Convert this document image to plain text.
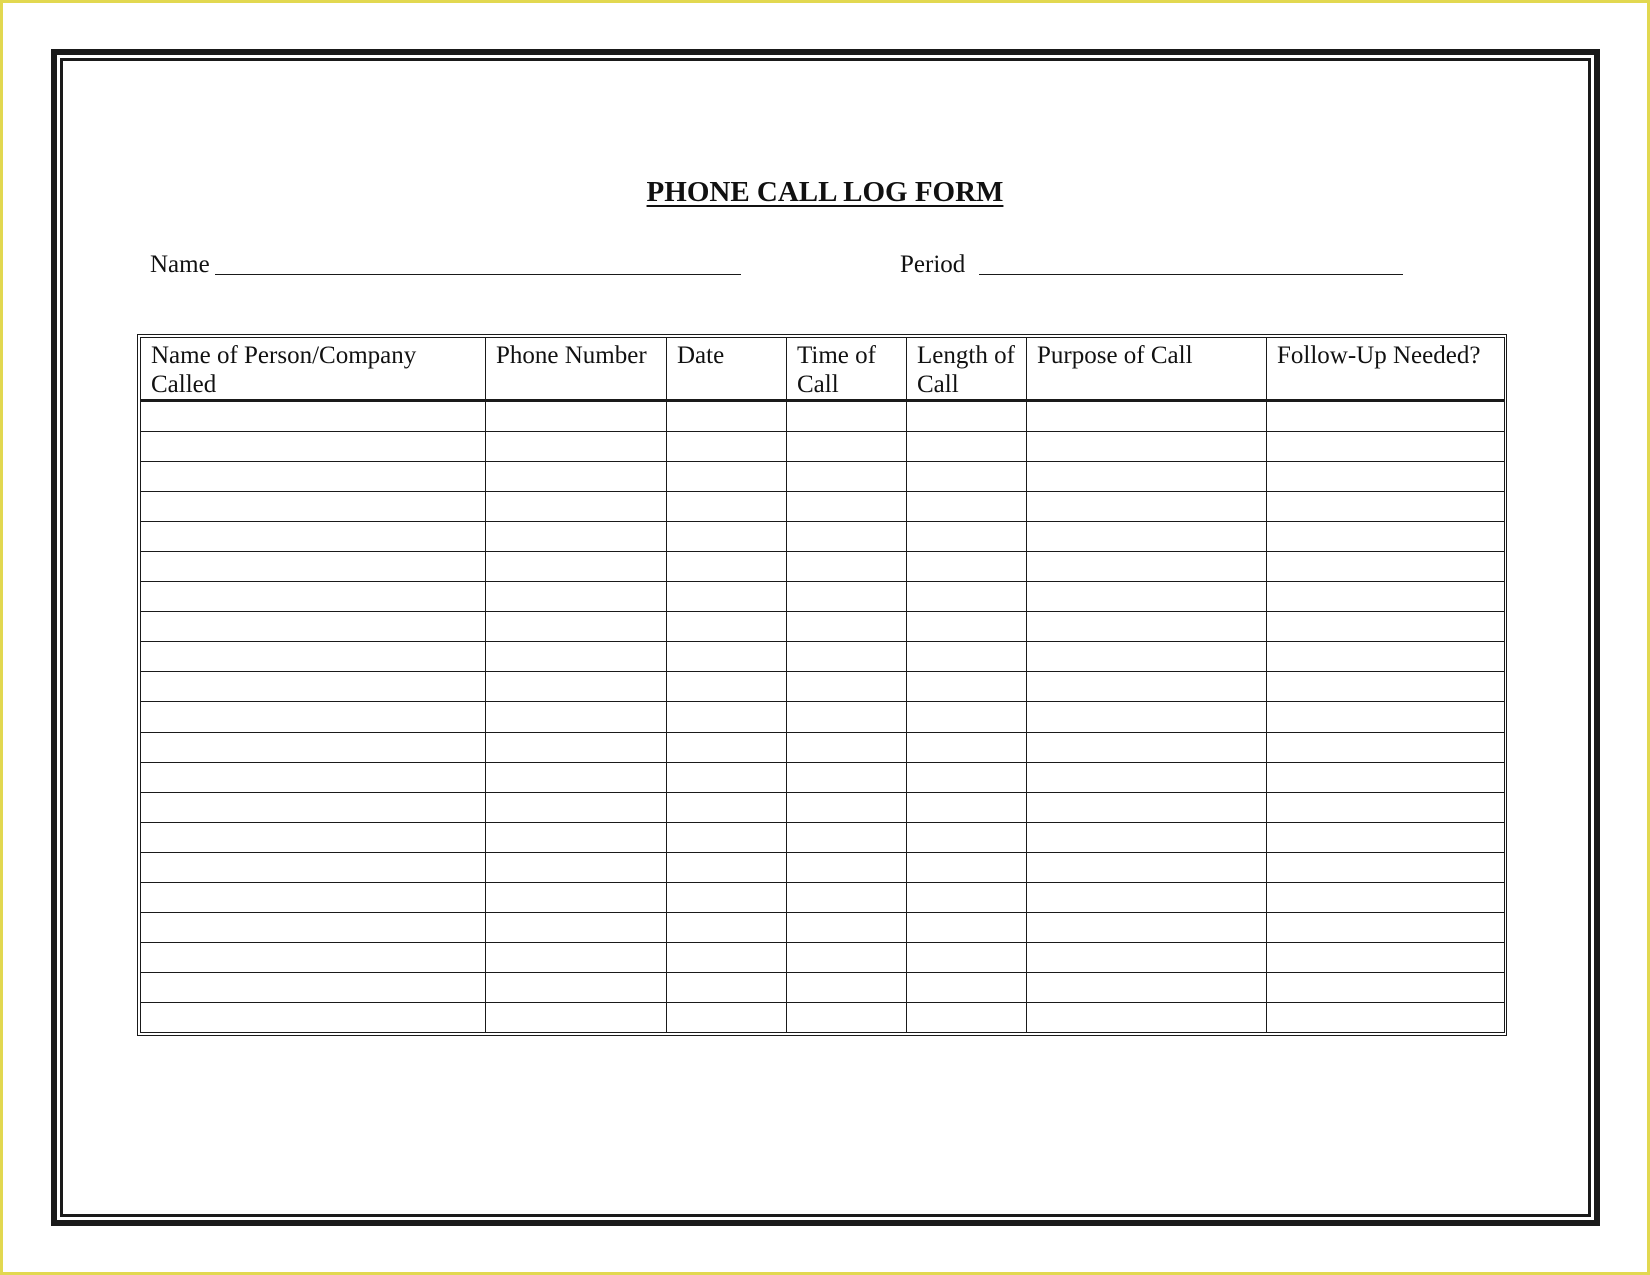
PHONE CALL LOG FORM
Name	Period
Name of Person/Company Called	Phone Number	Date	Time of Call	Length of Call	Purpose of Call	Follow-Up Needed?
